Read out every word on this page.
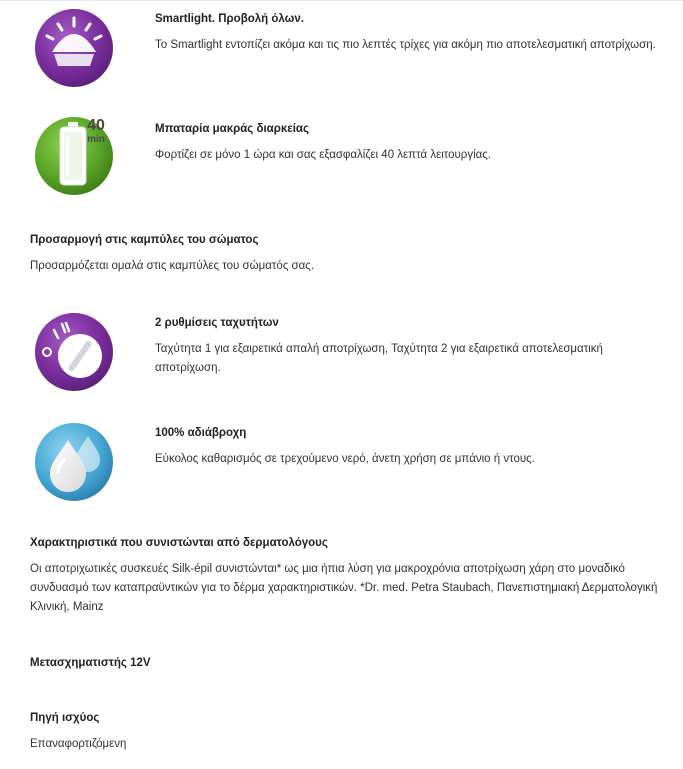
Smartlight. Προβολή όλων.

Το Smartlight εντοπίζει ακόμα και τις πιο λεπτές τρίχες για ακόμη πιο αποτελεσματική αποτρίχωση.

40
min

Μπαταρία μακράς διαρκείας

Φορτίζει σε μόνο 1 ώρα και σας εξασφαλίζει 40 λεπτά λειτουργίας.

Προσαρμογή στις καμπύλες του σώματος

Προσαρμόζεται ομαλά στις καμπύλες του σώματός σας.

2 ρυθμίσεις ταχυτήτων

Ταχύτητα 1 για εξαιρετικά απαλή αποτρίχωση, Ταχύτητα 2 για εξαιρετικά αποτελεσματική αποτρίχωση.

100% αδιάβροχη

Εύκολος καθαρισμός σε τρεχούμενο νερό, άνετη χρήση σε μπάνιο ή ντους.

Χαρακτηριστικά που συνιστώνται από δερματολόγους

Οι αποτριχωτικές συσκευές Silk-épil συνιστώνται* ως μια ήπια λύση για μακροχρόνια αποτρίχωση χάρη στο μοναδικό συνδυασμό των καταπραϋντικών για το δέρμα χαρακτηριστικών. *Dr. med. Petra Staubach, Πανεπιστημιακή Δερματολογική Κλινική, Mainz

Μετασχηματιστής 12V

Πηγή ισχύος

Επαναφορτιζόμενη
